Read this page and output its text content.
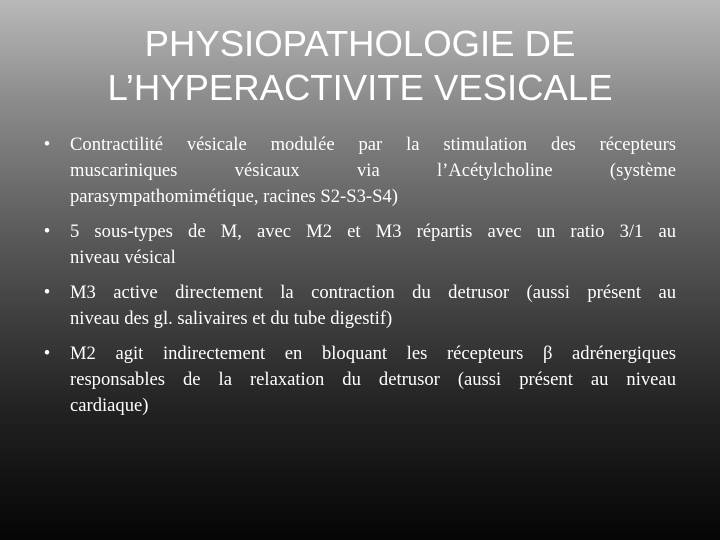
PHYSIOPATHOLOGIE DE
L’HYPERACTIVITE VESICALE
• Contractilité vésicale modulée par la stimulation des récepteurs
muscariniques vésicaux via l’Acétylcholine (système
parasympathomimétique, racines S2-S3-S4)
• 5 sous-types de M, avec M2 et M3 répartis avec un ratio 3/1 au
niveau vésical
• M3 active directement la contraction du detrusor (aussi présent au
niveau des gl. salivaires et du tube digestif)
• M2 agit indirectement en bloquant les récepteurs β adrénergiques
responsables de la relaxation du detrusor (aussi présent au niveau
cardiaque)
